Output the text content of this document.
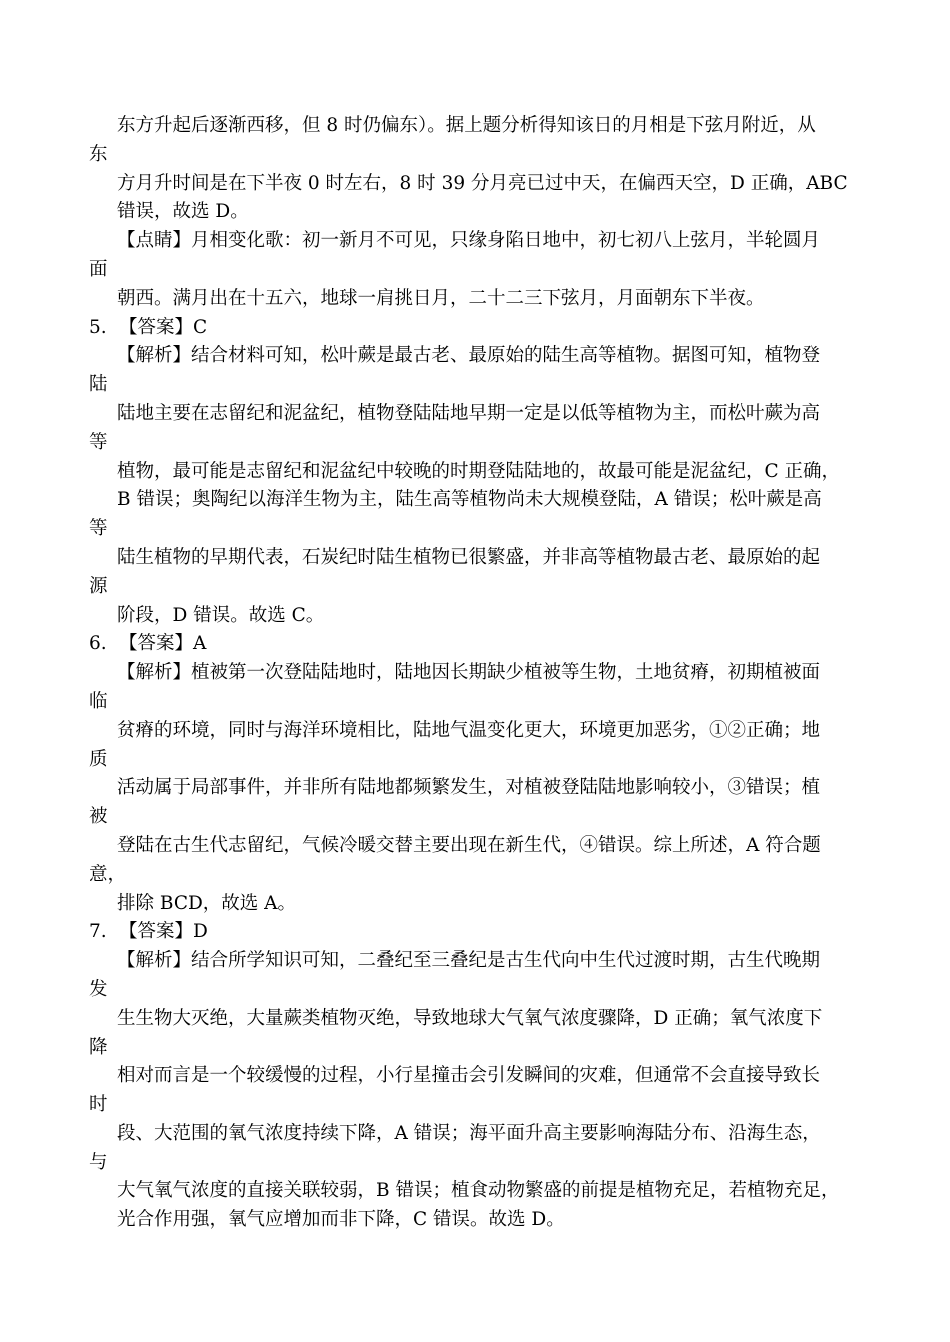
东方升起后逐渐西移，但 8 时仍偏东）。据上题分析得知该日的月相是下弦月附近，从
东
方月升时间是在下半夜 0 时左右，8 时 39 分月亮已过中天，在偏西天空，D 正确，ABC
错误，故选 D。
【点睛】月相变化歌：初一新月不可见，只缘身陷日地中，初七初八上弦月，半轮圆月
面
朝西。满月出在十五六，地球一肩挑日月，二十二三下弦月，月面朝东下半夜。
5. 【答案】C
【解析】结合材料可知，松叶蕨是最古老、最原始的陆生高等植物。据图可知，植物登
陆
陆地主要在志留纪和泥盆纪，植物登陆陆地早期一定是以低等植物为主，而松叶蕨为高
等
植物，最可能是志留纪和泥盆纪中较晚的时期登陆陆地的，故最可能是泥盆纪，C 正确，
B 错误；奥陶纪以海洋生物为主，陆生高等植物尚未大规模登陆，A 错误；松叶蕨是高
等
陆生植物的早期代表，石炭纪时陆生植物已很繁盛，并非高等植物最古老、最原始的起
源
阶段，D 错误。故选 C。
6. 【答案】A
【解析】植被第一次登陆陆地时，陆地因长期缺少植被等生物，土地贫瘠，初期植被面
临
贫瘠的环境，同时与海洋环境相比，陆地气温变化更大，环境更加恶劣，①②正确；地
质
活动属于局部事件，并非所有陆地都频繁发生，对植被登陆陆地影响较小，③错误；植
被
登陆在古生代志留纪，气候冷暖交替主要出现在新生代，④错误。综上所述，A 符合题
意，
排除 BCD，故选 A。
7. 【答案】D
【解析】结合所学知识可知，二叠纪至三叠纪是古生代向中生代过渡时期，古生代晚期
发
生生物大灭绝，大量蕨类植物灭绝，导致地球大气氧气浓度骤降，D 正确；氧气浓度下
降
相对而言是一个较缓慢的过程，小行星撞击会引发瞬间的灾难，但通常不会直接导致长
时
段、大范围的氧气浓度持续下降，A 错误；海平面升高主要影响海陆分布、沿海生态，
与
大气氧气浓度的直接关联较弱，B 错误；植食动物繁盛的前提是植物充足，若植物充足，
光合作用强，氧气应增加而非下降，C 错误。故选 D。
